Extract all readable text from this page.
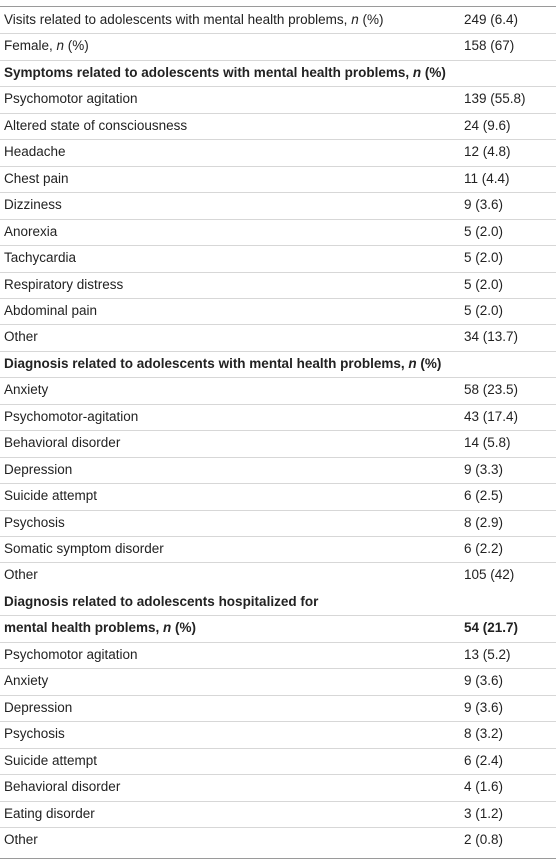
Visits related to adolescents with mental health problems, n (%)	249 (6.4)
Female, n (%)	158 (67)
Symptoms related to adolescents with mental health problems, n (%)
Psychomotor agitation	139 (55.8)
Altered state of consciousness	24 (9.6)
Headache	12 (4.8)
Chest pain	11 (4.4)
Dizziness	9 (3.6)
Anorexia	5 (2.0)
Tachycardia	5 (2.0)
Respiratory distress	5 (2.0)
Abdominal pain	5 (2.0)
Other	34 (13.7)
Diagnosis related to adolescents with mental health problems, n (%)
Anxiety	58 (23.5)
Psychomotor-agitation	43 (17.4)
Behavioral disorder	14 (5.8)
Depression	9 (3.3)
Suicide attempt	6 (2.5)
Psychosis	8 (2.9)
Somatic symptom disorder	6 (2.2)
Other	105 (42)
Diagnosis related to adolescents hospitalized for
mental health problems, n (%)	54 (21.7)
Psychomotor agitation	13 (5.2)
Anxiety	9 (3.6)
Depression	9 (3.6)
Psychosis	8 (3.2)
Suicide attempt	6 (2.4)
Behavioral disorder	4 (1.6)
Eating disorder	3 (1.2)
Other	2 (0.8)
